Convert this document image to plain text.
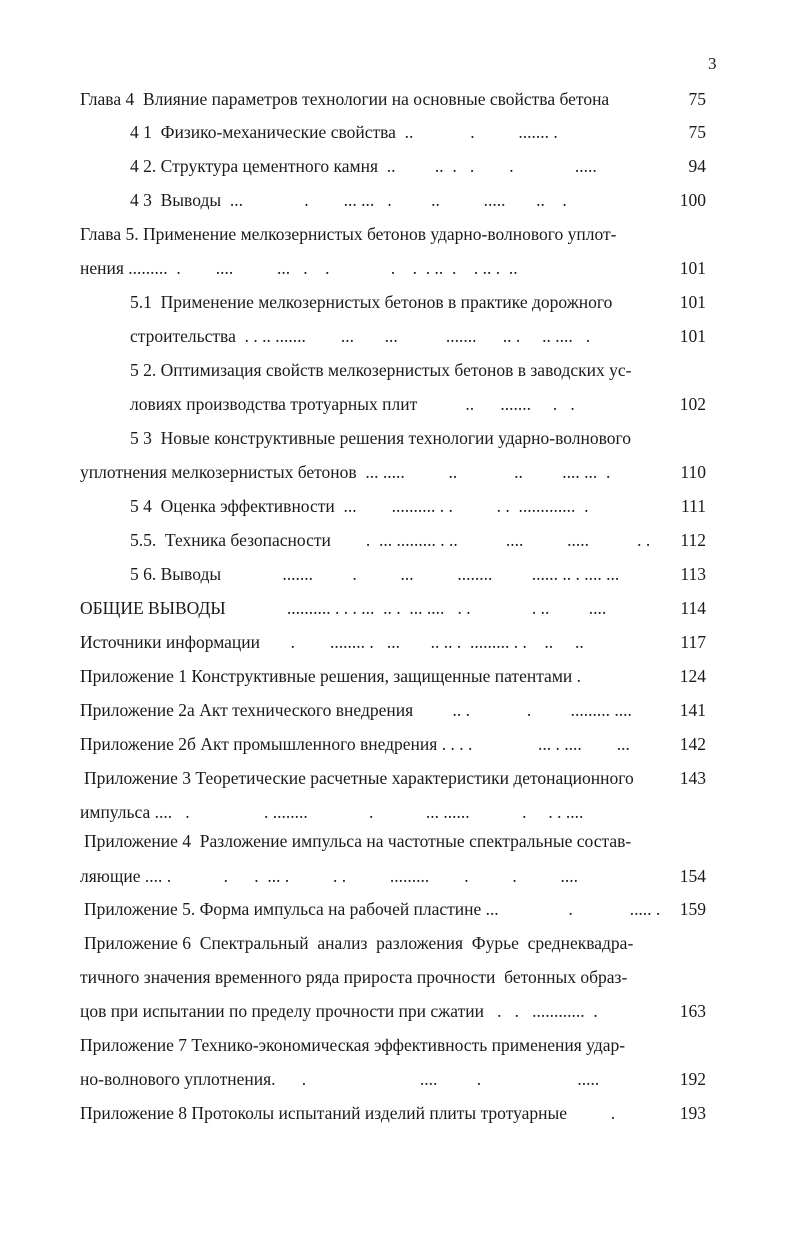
3
Глава 4  Влияние параметров технологии на основные свойства бетона	75
4 1  Физико-механические свойства  ..             .          ....... .	75
4 2. Структура цементного камня  ..         ..  .   .        .              .....	94
4 3  Выводы  ...              .        ... ...   .         ..          .....       ..    .	100
Глава 5. Применение мелкозернистых бетонов ударно-волнового уплот-
нения .........  .        ....          ...   .    .              .    .  . ..  .    . .. .  ..	101
5.1  Применение мелкозернистых бетонов в практике дорожного	101
строительства  . . .. .......        ...       ...           .......      .. .     .. ....   .	101
5 2. Оптимизация свойств мелкозернистых бетонов в заводских ус-
ловиях производства тротуарных плит           ..      .......     .   .	102
5 3  Новые конструктивные решения технологии ударно-волнового
уплотнения мелкозернистых бетонов  ... .....          ..             ..         .... ...  .	110
5 4  Оценка эффективности  ...        .......... . .          . .  .............  .	111
5.5.  Техника безопасности        .  ... ......... . ..           ....          .....           . .	112
5 6. Выводы              .......         .          ...          ........         ...... .. . .... ...	113
ОБЩИЕ ВЫВОДЫ              .......... . . . ...  .. .  ... ....   . .              . ..         ....	114
Источники информации       .        ........ .   ...       .. .. .  ......... . .    ..     ..	117
Приложение 1 Конструктивные решения, защищенные патентами .	124
Приложение 2а Акт технического внедрения         .. .             .         ......... ....	141
Приложение 2б Акт промышленного внедрения . . . .               ... . ....        ...	142
Приложение 3 Теоретические расчетные характеристики детонационного	143
импульса ....   .                 . ........              .            ... ......            .     . . ....
Приложение 4  Разложение импульса на частотные спектральные состав-
ляющие .... .            .      .  ... .          . .          .........        .          .          ....	154
Приложение 5. Форма импульса на рабочей пластине ...                .             ..... .	159
Приложение 6  Спектральный  анализ  разложения  Фурье  среднеквадра-
тичного значения временного ряда прироста прочности  бетонных образ-
цов при испытании по пределу прочности при сжатии   .   .   ............  .	163
Приложение 7 Технико-экономическая эффективность применения удар-
но-волнового уплотнения.      .                          ....         .                      .....	192
Приложение 8 Протоколы испытаний изделий плиты тротуарные          .	193
